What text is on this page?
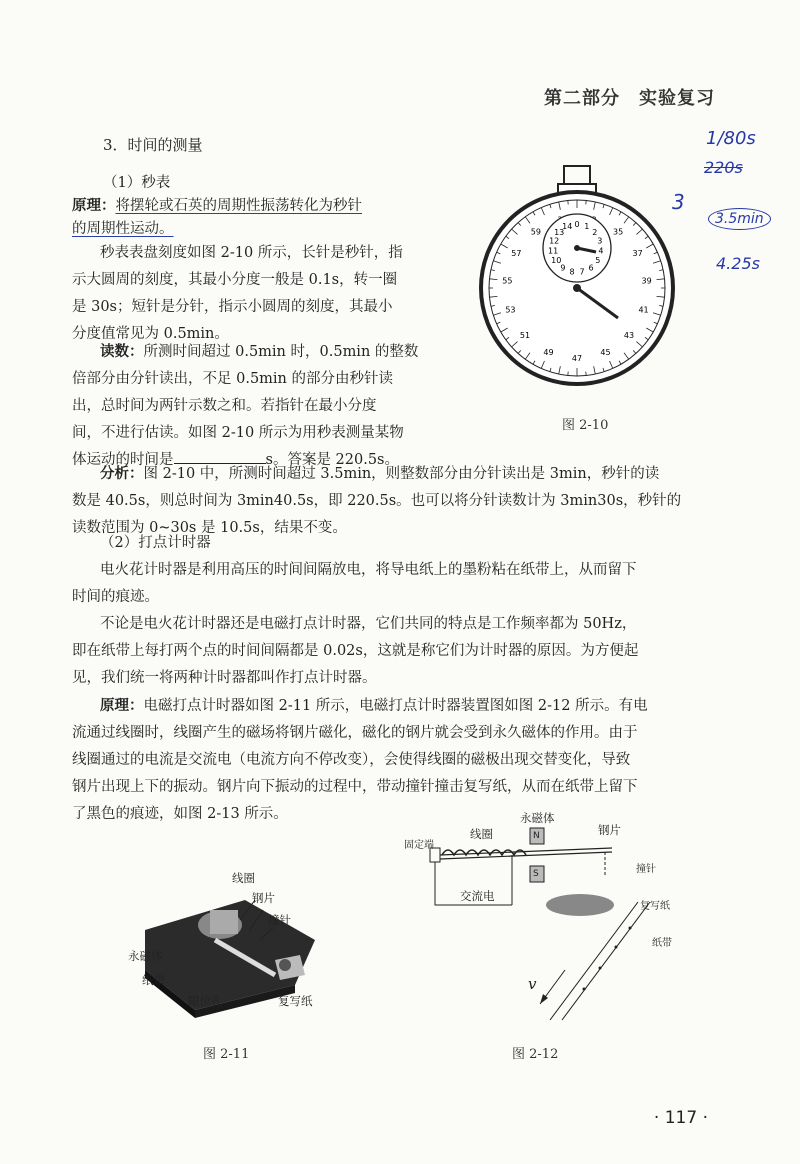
第二部分　实验复习
3．时间的测量
（1）秒表
原理：将摆轮或石英的周期性振荡转化为秒针
的周期性运动。
秒表表盘刻度如图 2-10 所示，长针是秒针，指
示大圆周的刻度，其最小分度一般是 0.1s，转一圈
是 30s；短针是分针，指示小圆周的刻度，其最小
分度值常见为 0.5min。
读数：所测时间超过 0.5min 时，0.5min 的整数
倍部分由分针读出，不足 0.5min 的部分由秒针读
出，总时间为两针示数之和。若指针在最小分度
间，不进行估读。如图 2-10 所示为用秒表测量某物
体运动的时间是	s。答案是 220.5s。
图 2-10
分析：图 2-10 中，所测时间超过 3.5min，则整数部分由分针读出是 3min，秒针的读
数是 40.5s，则总时间为 3min40.5s，即 220.5s。也可以将分针读数计为 3min30s，秒针的
读数范围为 0~30s 是 10.5s，结果不变。
（2）打点计时器
电火花计时器是利用高压的时间间隔放电，将导电纸上的墨粉粘在纸带上，从而留下
时间的痕迹。
不论是电火花计时器还是电磁打点计时器，它们共同的特点是工作频率都为 50Hz，
即在纸带上每打两个点的时间间隔都是 0.02s，这就是称它们为计时器的原因。为方便起
见，我们统一将两种计时器都叫作打点计时器。
原理：电磁打点计时器如图 2-11 所示，电磁打点计时器装置图如图 2-12 所示。有电
流通过线圈时，线圈产生的磁场将钢片磁化，磁化的钢片就会受到永久磁体的作用。由于
线圈通过的电流是交流电（电流方向不停改变），会使得线圈的磁极出现交替变化，导致
钢片出现上下的振动。钢片向下振动的过程中，带动撞针撞击复写纸，从而在纸带上留下
了黑色的痕迹，如图 2-13 所示。
35
37
39
41
43
45
47
49
51
53
55
57
59
0 1
2
3
4
5
6
7
8
9
10
11
12
13
14
1/80s
220s
3
3.5min
4.25s
线圈
钢片
撞针
永磁体
纸带
限位孔	复写纸
图 2-11
固定端
线圈
永磁体
钢片
撞针
交流电
复写纸
纸带
v
N
S
图 2-12
· 117 ·
